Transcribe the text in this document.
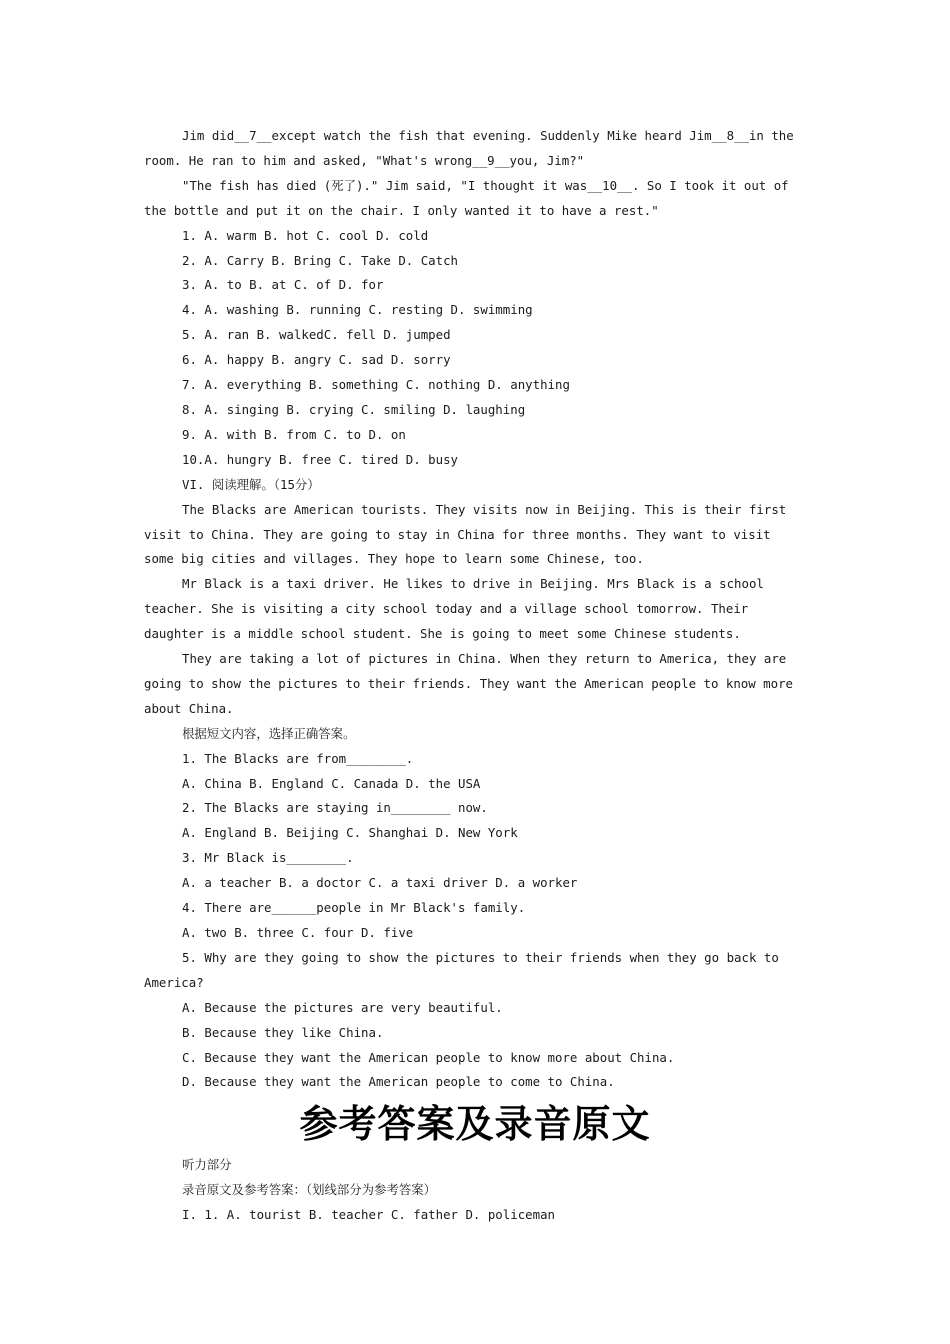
Jim did__7__except watch the fish that evening. Suddenly Mike heard Jim__8__in the room. He ran to him and asked, "What's wrong__9__you, Jim?"

"The fish has died (死了)." Jim said, "I thought it was__10__. So I took it out of the bottle and put it on the chair. I only wanted it to have a rest."

1. A. warm B. hot C. cool D. cold

2. A. Carry B. Bring C. Take D. Catch

3. A. to B. at C. of D. for

4. A. washing B. running C. resting D. swimming

5. A. ran B. walkedC. fell D. jumped

6. A. happy B. angry C. sad D. sorry

7. A. everything B. something C. nothing D. anything

8. A. singing B. crying C. smiling D. laughing

9. A. with B. from C. to D. on

10.A. hungry B. free C. tired D. busy

VI. 阅读理解。（15分）

The Blacks are American tourists. They visits now in Beijing. This is their first visit to China. They are going to stay in China for three months. They want to visit some big cities and villages. They hope to learn some Chinese, too.

Mr Black is a taxi driver. He likes to drive in Beijing. Mrs Black is a school teacher. She is visiting a city school today and a village school tomorrow. Their daughter is a middle school student. She is going to meet some Chinese students.

They are taking a lot of pictures in China. When they return to America, they are going to show the pictures to their friends. They want the American people to know more about China.

根据短文内容，选择正确答案。

1. The Blacks are from________.

A. China B. England C. Canada D. the USA

2. The Blacks are staying in________ now.

A. England B. Beijing C. Shanghai D. New York

3. Mr Black is________.

A. a teacher B. a doctor C. a taxi driver D. a worker

4. There are______people in Mr Black's family.

A. two B. three C. four D. five

5. Why are they going to show the pictures to their friends when they go back to America?

A. Because the pictures are very beautiful.

B. Because they like China.

C. Because they want the American people to know more about China.

D. Because they want the American people to come to China.

参考答案及录音原文

听力部分

录音原文及参考答案：（划线部分为参考答案）

I. 1. A. tourist B. teacher C. father D. policeman
